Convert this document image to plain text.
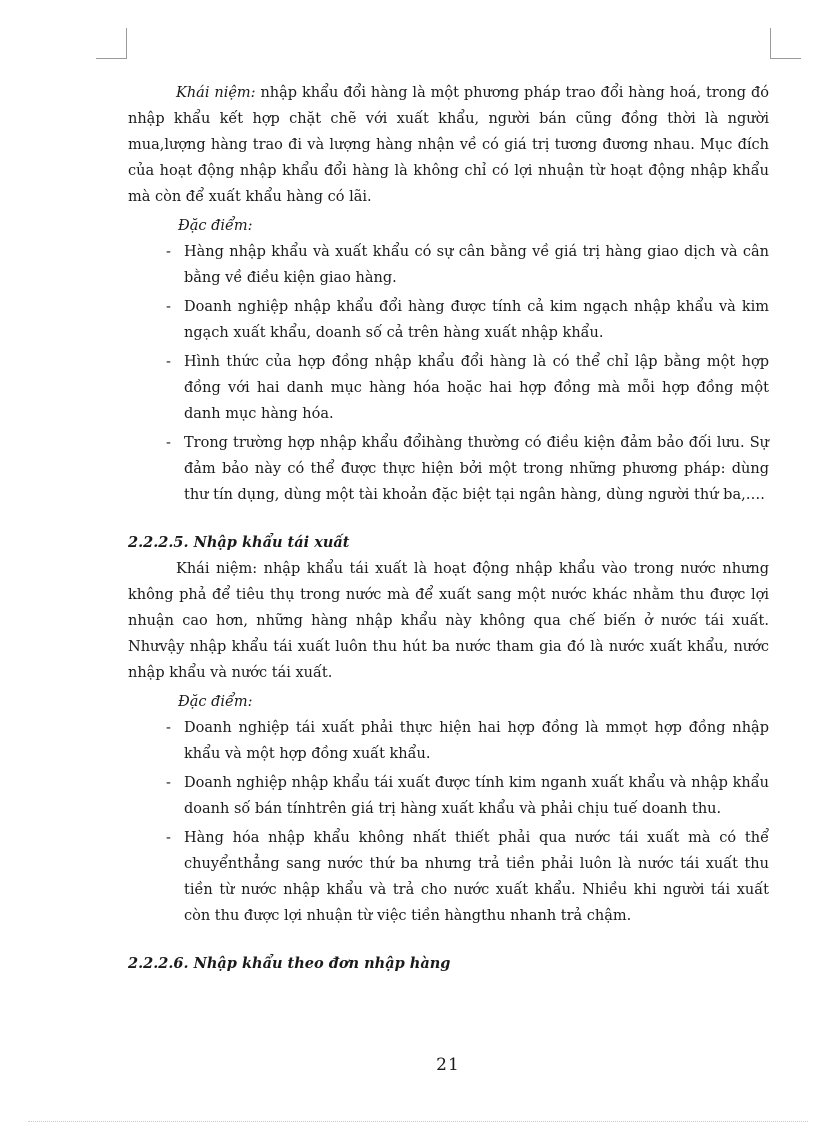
Khái niệm: nhập khẩu đổi hàng là một phương pháp trao đổi hàng hoá, trong đó nhập khẩu kết hợp chặt chẽ với xuất khẩu, người bán cũng đồng thời là người mua,lượng hàng trao đi và lượng hàng nhận về có giá trị tương đương nhau. Mục đích của hoạt động nhập khẩu đổi hàng là không chỉ có lợi nhuận từ hoạt động nhập khẩu mà còn để xuất khẩu hàng có lãi.

Đặc điểm:

- Hàng nhập khẩu và xuất khẩu có sự cân bằng về giá trị hàng giao dịch và cân bằng về điều kiện giao hàng.
- Doanh nghiệp nhập khẩu đổi hàng được tính cả kim ngạch nhập khẩu và kim ngạch xuất khẩu, doanh số cả trên hàng xuất nhập khẩu.
- Hình thức của hợp đồng nhập khẩu đổi hàng là có thể chỉ lập bằng một hợp đồng với hai danh mục hàng hóa hoặc hai hợp đồng mà mỗi hợp đồng một danh mục hàng hóa.
- Trong trường hợp nhập khẩu đổihàng thường có điều kiện đảm bảo đối lưu. Sự đảm bảo này có thể được thực hiện bởi một trong những phương pháp: dùng thư tín dụng, dùng một tài khoản đặc biệt tại ngân hàng, dùng người thứ ba,….

2.2.2.5. Nhập khẩu tái xuất

Khái niệm: nhập khẩu tái xuất là hoạt động nhập khẩu vào trong nước nhưng không phả để tiêu thụ trong nước mà để xuất sang một nước khác nhằm thu được lợi nhuận cao hơn, những hàng nhập khẩu này không qua chế biến ở nước tái xuất. Nhưvậy nhập khẩu tái xuất luôn thu hút ba nước tham gia đó là nước xuất khẩu, nước nhập khẩu và nước tái xuất.

Đặc điểm:

- Doanh nghiệp tái xuất phải thực hiện hai hợp đồng là mmọt hợp đồng nhập khẩu và một hợp đồng xuất khẩu.
- Doanh nghiệp nhập khẩu tái xuất được tính kim nganh xuất khẩu và nhập khẩu doanh số bán tínhtrên giá trị hàng xuất khẩu và phải chịu tuế doanh thu.
- Hàng hóa nhập khẩu không nhất thiết phải qua nước tái xuất mà có thể chuyểnthẳng sang nước thứ ba nhưng trả tiền phải luôn là nước tái xuất thu tiền từ nước nhập khẩu và trả cho nước xuất khẩu. Nhiều khi người tái xuất còn thu được lợi nhuận từ việc tiền hàngthu nhanh trả chậm.

2.2.2.6. Nhập khẩu theo đơn nhập hàng

21
